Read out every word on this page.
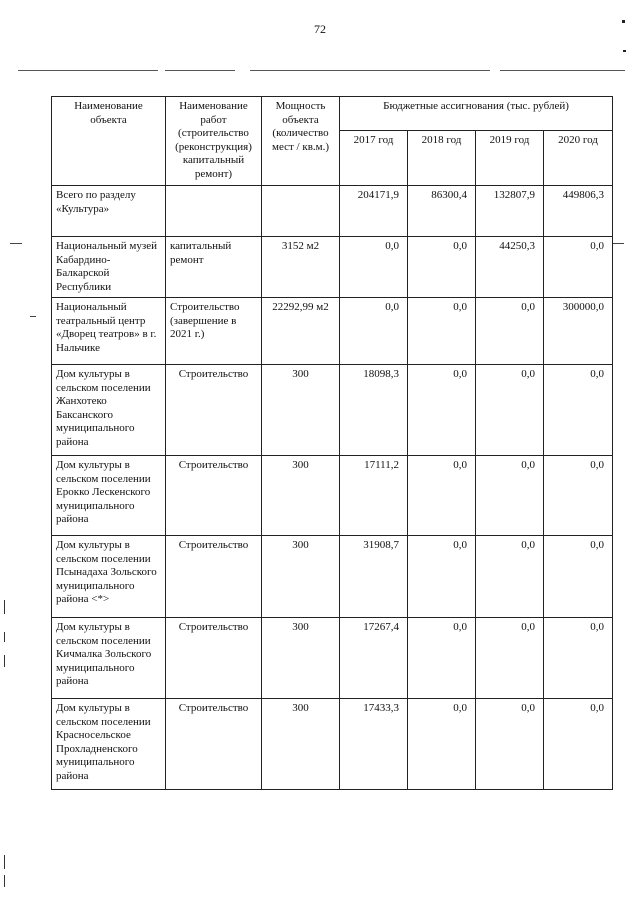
72
Наименование объекта	Наименование работ (строительство (реконструкция) капитальный ремонт)	Мощность объекта (количество мест / кв.м.)	Бюджетные ассигнования (тыс. рублей)			
			2017 год	2018 год	2019 год	2020 год
Всего по разделу «Культура»			204171,9	86300,4	132807,9	449806,3
Национальный музей Кабардино-Балкарской Республики	капитальный ремонт	3152 м2	0,0	0,0	44250,3	0,0
Национальный театральный центр «Дворец театров» в г. Нальчике	Строительство (завершение в 2021 г.)	22292,99 м2	0,0	0,0	0,0	300000,0
Дом культуры в сельском поселении Жанхотеко Баксанского муниципального района	Строительство	300	18098,3	0,0	0,0	0,0
Дом культуры в сельском поселении Ерокко Лескенского муниципального района	Строительство	300	17111,2	0,0	0,0	0,0
Дом культуры в сельском поселении Псынадаха Зольского муниципального района <*>	Строительство	300	31908,7	0,0	0,0	0,0
Дом культуры в сельском поселении Кичмалка Зольского муниципального района	Строительство	300	17267,4	0,0	0,0	0,0
Дом культуры в сельском поселении Красносельское Прохладненского муниципального района	Строительство	300	17433,3	0,0	0,0	0,0
